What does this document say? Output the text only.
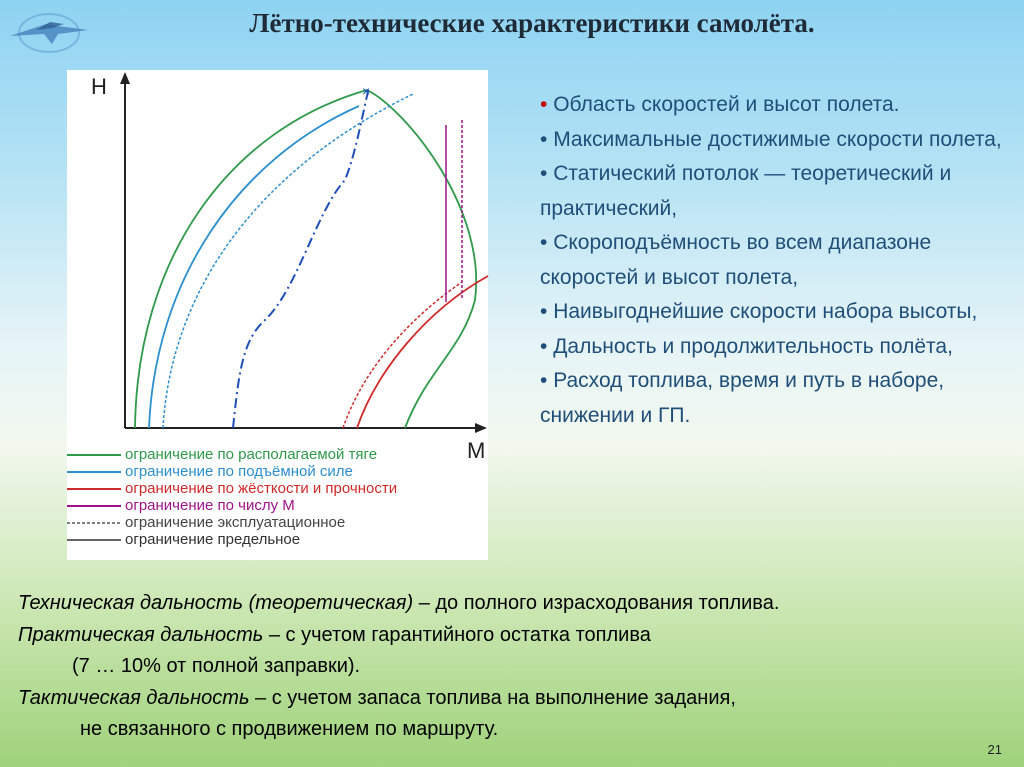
Лётно-технические характеристики самолёта.
H	×
M
ограничение по располагаемой тяге
ограничение по подъёмной силе
ограничение по жёсткости и прочности
ограничение по числу M
ограничение эксплуатационное
ограничение предельное
• Область скоростей и высот полета.
• Максимальные достижимые скорости полета,
• Статический потолок — теоретический и практический,
• Скороподъёмность во всем диапазоне скоростей и высот полета,
• Наивыгоднейшие скорости набора высоты,
• Дальность и продолжительность полёта,
• Расход топлива, время и путь в наборе, снижении и ГП.
Техническая дальность (теоретическая) – до полного израсходования топлива.
Практическая дальность – с учетом гарантийного остатка топлива
(7 … 10% от полной заправки).
Тактическая дальность – с учетом запаса топлива на выполнение задания,
не связанного с продвижением по маршруту.
21
